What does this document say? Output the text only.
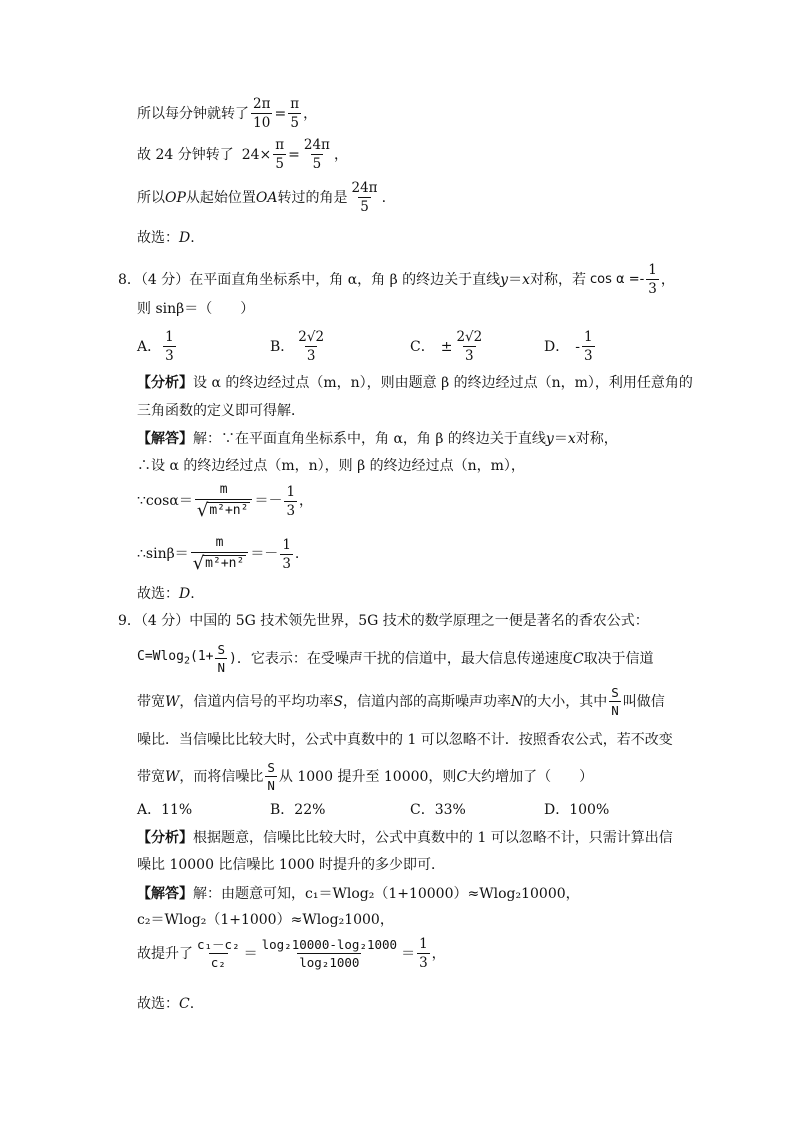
所以每分钟就转了 $\frac{2\pi}{10} = \frac{\pi}{5}$ ，
故 24 分钟转了 $24\times \frac{\pi}{5} = \frac{24\pi}{5}$ ，
所以 OP 从起始位置 OA 转过的角是 $\frac{24\pi}{5}$ .
故选： D .
8．（4 分）在平面直角坐标系中，角 α，角 β 的终边关于直线 y ＝ x 对称，若 $\cos \alpha =- \frac{1}{3}$ ，
则 sinβ＝（　　）
A． $\frac{1}{3}$	B． $\frac{2√2}{3}$	C． ± $\frac{2√2}{3}$	D． - $\frac{1}{3}$
【分析】 设 α 的终边经过点（m，n），则由题意 β 的终边经过点（n，m），利用任意角的
三角函数的定义即可得解．
【解答】 解：∵在平面直角坐标系中，角 α，角 β 的终边关于直线 y ＝ x 对称，
∴设 α 的终边经过点（m，n），则 β 的终边经过点（n，m），
∵cosα＝ $\frac{m}{\text{√ m²+n²}} =- \frac{1}{3}$ ，
∴sinβ＝ $\frac{m}{\text{√ m²+n²}} =- \frac{1}{3}$ .
故选： D .
9．（4 分）中国的 5G 技术领先世界，5G 技术的数学原理之一便是著名的香农公式：
$C=Wlog_2(1+ \frac{S}{N}$ ) ．它表示：在受噪声干扰的信道中，最大信息传递速度 C 取决于信道
带宽 W ，信道内信号的平均功率 S ，信道内部的高斯噪声功率 N 的大小，其中 $\frac{S}{N}$ 叫做信
噪比．当信噪比比较大时，公式中真数中的 1 可以忽略不计．按照香农公式，若不改变
带宽 W ，而将信噪比 $\frac{S}{N}$ 从 1000 提升至 10000，则 C 大约增加了（　　）
A．11%	B．22%	C．33%	D．100%
【分析】 根据题意，信噪比比较大时，公式中真数中的 1 可以忽略不计，只需计算出信
噪比 10000 比信噪比 1000 时提升的多少即可．
【解答】 解：由题意可知，c₁＝Wlog₂（1+10000）≈Wlog₂10000，
c₂＝Wlog₂（1+1000）≈Wlog₂1000，
故提升了 $\frac{\text{c₁－c₂}}{\text{c₂}} = \frac{\text{log₂10000-log₂1000}}{\text{log₂1000}} = \frac{1}{3}$ ，
故选： C .
